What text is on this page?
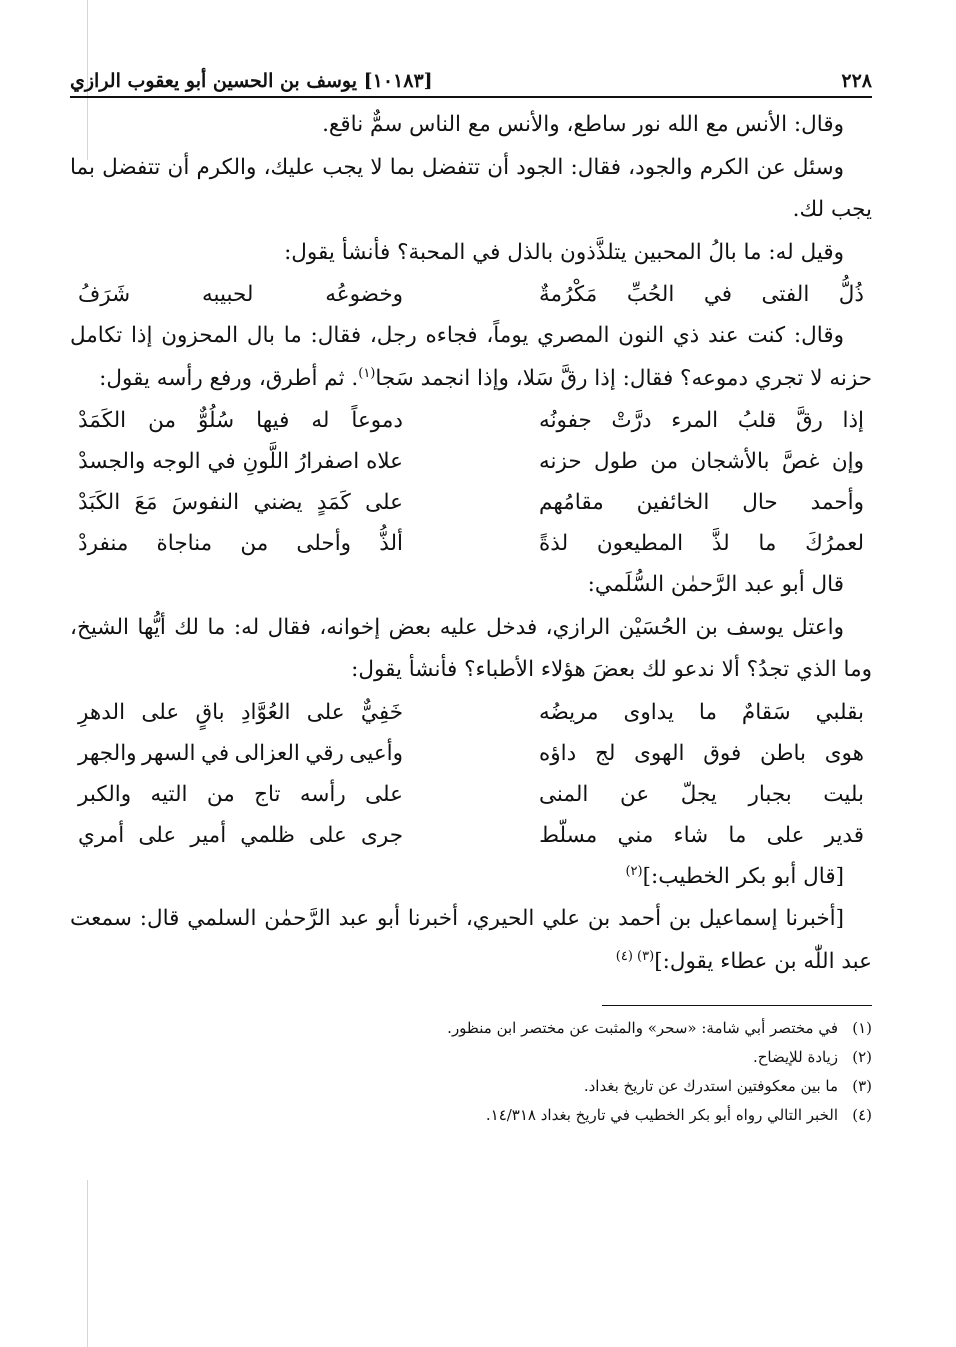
٢٢٨
[١٠١٨٣] يوسف بن الحسين أبو يعقوب الرازي

وقال: الأنس مع الله نور ساطع، والأنس مع الناس سمٌّ ناقع.

وسئل عن الكرم والجود، فقال: الجود أن تتفضل بما لا يجب عليك، والكرم أن تتفضل بما يجب لك.

وقيل له: ما بالُ المحبين يتلذَّذون بالذل في المحبة؟ فأنشأ يقول:

ذُلُّ
الفتى
في
الحُبِّ
مَكْرُمةٌ
وخضوعُه
لحبيبه
شَرَفُ

وقال: كنت عند ذي النون المصري يوماً، فجاءه رجل، فقال: ما بال المحزون إذا تكامل حزنه لا تجري دموعه؟ فقال: إذا رقَّ سَلا، وإذا انجمد سَجا$^{(١)}$. ثم أطرق، ورفع رأسه يقول:

إذا
رقَّ
قلبُ
المرء
درَّتْ
جفونُه
دموعاً
له
فيها
سُلُوٌّ
من
الكَمَدْ
وإن
غصَّ
بالأشجان
من
طول
حزنه
علاه
اصفرارُ
اللَّونِ
في
الوجه
والجسدْ
وأحمد
حال
الخائفين
مقامُهم
على
كَمَدٍ
يضني
النفوسَ
مَعَ
الكَبَدْ
لعمرُكَ
ما
لذَّ
المطيعون
لذةً
ألذُّ
وأحلى
من
مناجاة
منفردْ

قال أبو عبد الرَّحمٰن السُّلَمي:

واعتل يوسف بن الحُسَيْن الرازي، فدخل عليه بعض إخوانه، فقال له: ما لك أيُّها الشيخ، وما الذي تجدُ؟ ألا ندعو لك بعضَ هؤلاء الأطباء؟ فأنشأ يقول:

بقلبي
سَقامٌ
ما
يداوى
مريضُه
خَفِيٌّ
على
العُوَّادِ
باقٍ
على
الدهرِ
هوى
باطن
فوق
الهوى
لج
داؤه
وأعيى
رقي
العزالى
في
السهر
والجهر
بليت
بجبار
يجلّ
عن
المنى
على
رأسه
تاج
من
التيه
والكبر
قدير
على
ما
شاء
مني
مسلّط
جرى
على
ظلمي
أمير
على
أمري

[قال أبو بكر الخطيب:]$^{(٢)}$

[أخبرنا إسماعيل بن أحمد بن علي الحيري، أخبرنا أبو عبد الرَّحمٰن السلمي قال: سمعت عبد اللّٰه بن عطاء يقول:]$^{(٣) (٤)}$

(١)
في مختصر أبي شامة: «سحر» والمثبت عن مختصر ابن منظور.
(٢)
زيادة للإيضاح.
(٣)
ما بين معكوفتين استدرك عن تاريخ بغداد.
(٤)
الخبر التالي رواه أبو بكر الخطيب في تاريخ بغداد ١٤/٣١٨.
